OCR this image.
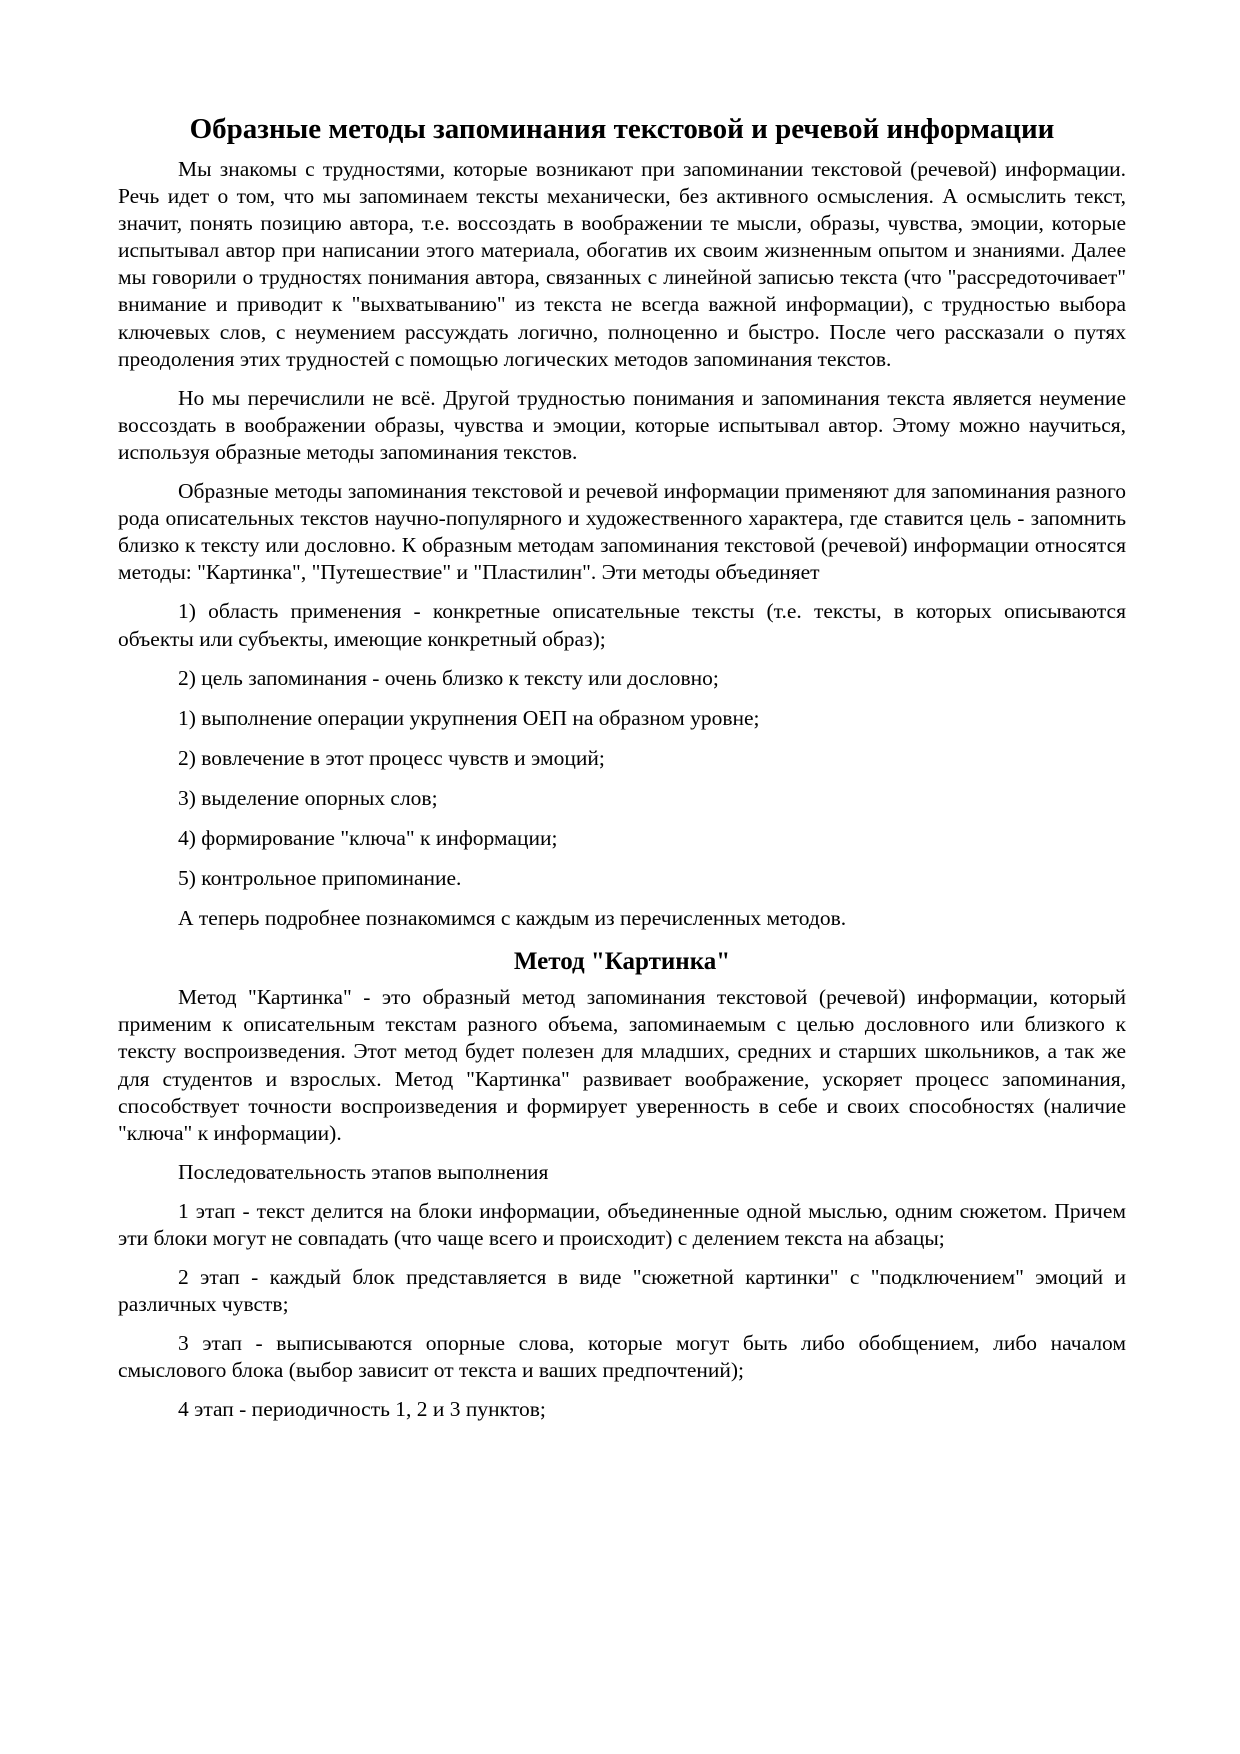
Образные методы запоминания текстовой и речевой информации

Мы знакомы с трудностями, которые возникают при запоминании текстовой (речевой) информации. Речь идет о том, что мы запоминаем тексты механически, без активного осмысления. А осмыслить текст, значит, понять позицию автора, т.е. воссоздать в воображении те мысли, образы, чувства, эмоции, которые испытывал автор при написании этого материала, обогатив их своим жизненным опытом и знаниями. Далее мы говорили о трудностях понимания автора, связанных с линейной записью текста (что "рассредоточивает" внимание и приводит к "выхватыванию" из текста не всегда важной информации), с трудностью выбора ключевых слов, с неумением рассуждать логично, полноценно и быстро. После чего рассказали о путях преодоления этих трудностей с помощью логических методов запоминания текстов.

Но мы перечислили не всё. Другой трудностью понимания и запоминания текста является неумение воссоздать в воображении образы, чувства и эмоции, которые испытывал автор. Этому можно научиться, используя образные методы запоминания текстов.

Образные методы запоминания текстовой и речевой информации применяют для запоминания разного рода описательных текстов научно-популярного и художественного характера, где ставится цель - запомнить близко к тексту или дословно. К образным методам запоминания текстовой (речевой) информации относятся методы: "Картинка", "Путешествие" и "Пластилин". Эти методы объединяет

1) область применения - конкретные описательные тексты (т.е. тексты, в которых описываются объекты или субъекты, имеющие конкретный образ);

2) цель запоминания - очень близко к тексту или дословно;

1) выполнение операции укрупнения ОЕП на образном уровне;

2) вовлечение в этот процесс чувств и эмоций;

3) выделение опорных слов;

4) формирование "ключа" к информации;

5) контрольное припоминание.

А теперь подробнее познакомимся с каждым из перечисленных методов.

Метод "Картинка"

Метод "Картинка" - это образный метод запоминания текстовой (речевой) информации, который применим к описательным текстам разного объема, запоминаемым с целью дословного или близкого к тексту воспроизведения. Этот метод будет полезен для младших, средних и старших школьников, а так же для студентов и взрослых. Метод "Картинка" развивает воображение, ускоряет процесс запоминания, способствует точности воспроизведения и формирует уверенность в себе и своих способностях (наличие "ключа" к информации).

Последовательность этапов выполнения

1 этап - текст делится на блоки информации, объединенные одной мыслью, одним сюжетом. Причем эти блоки могут не совпадать (что чаще всего и происходит) с делением текста на абзацы;

2 этап - каждый блок представляется в виде "сюжетной картинки" с "подключением" эмоций и различных чувств;

3 этап - выписываются опорные слова, которые могут быть либо обобщением, либо началом смыслового блока (выбор зависит от текста и ваших предпочтений);

4 этап - периодичность 1, 2 и 3 пунктов;
